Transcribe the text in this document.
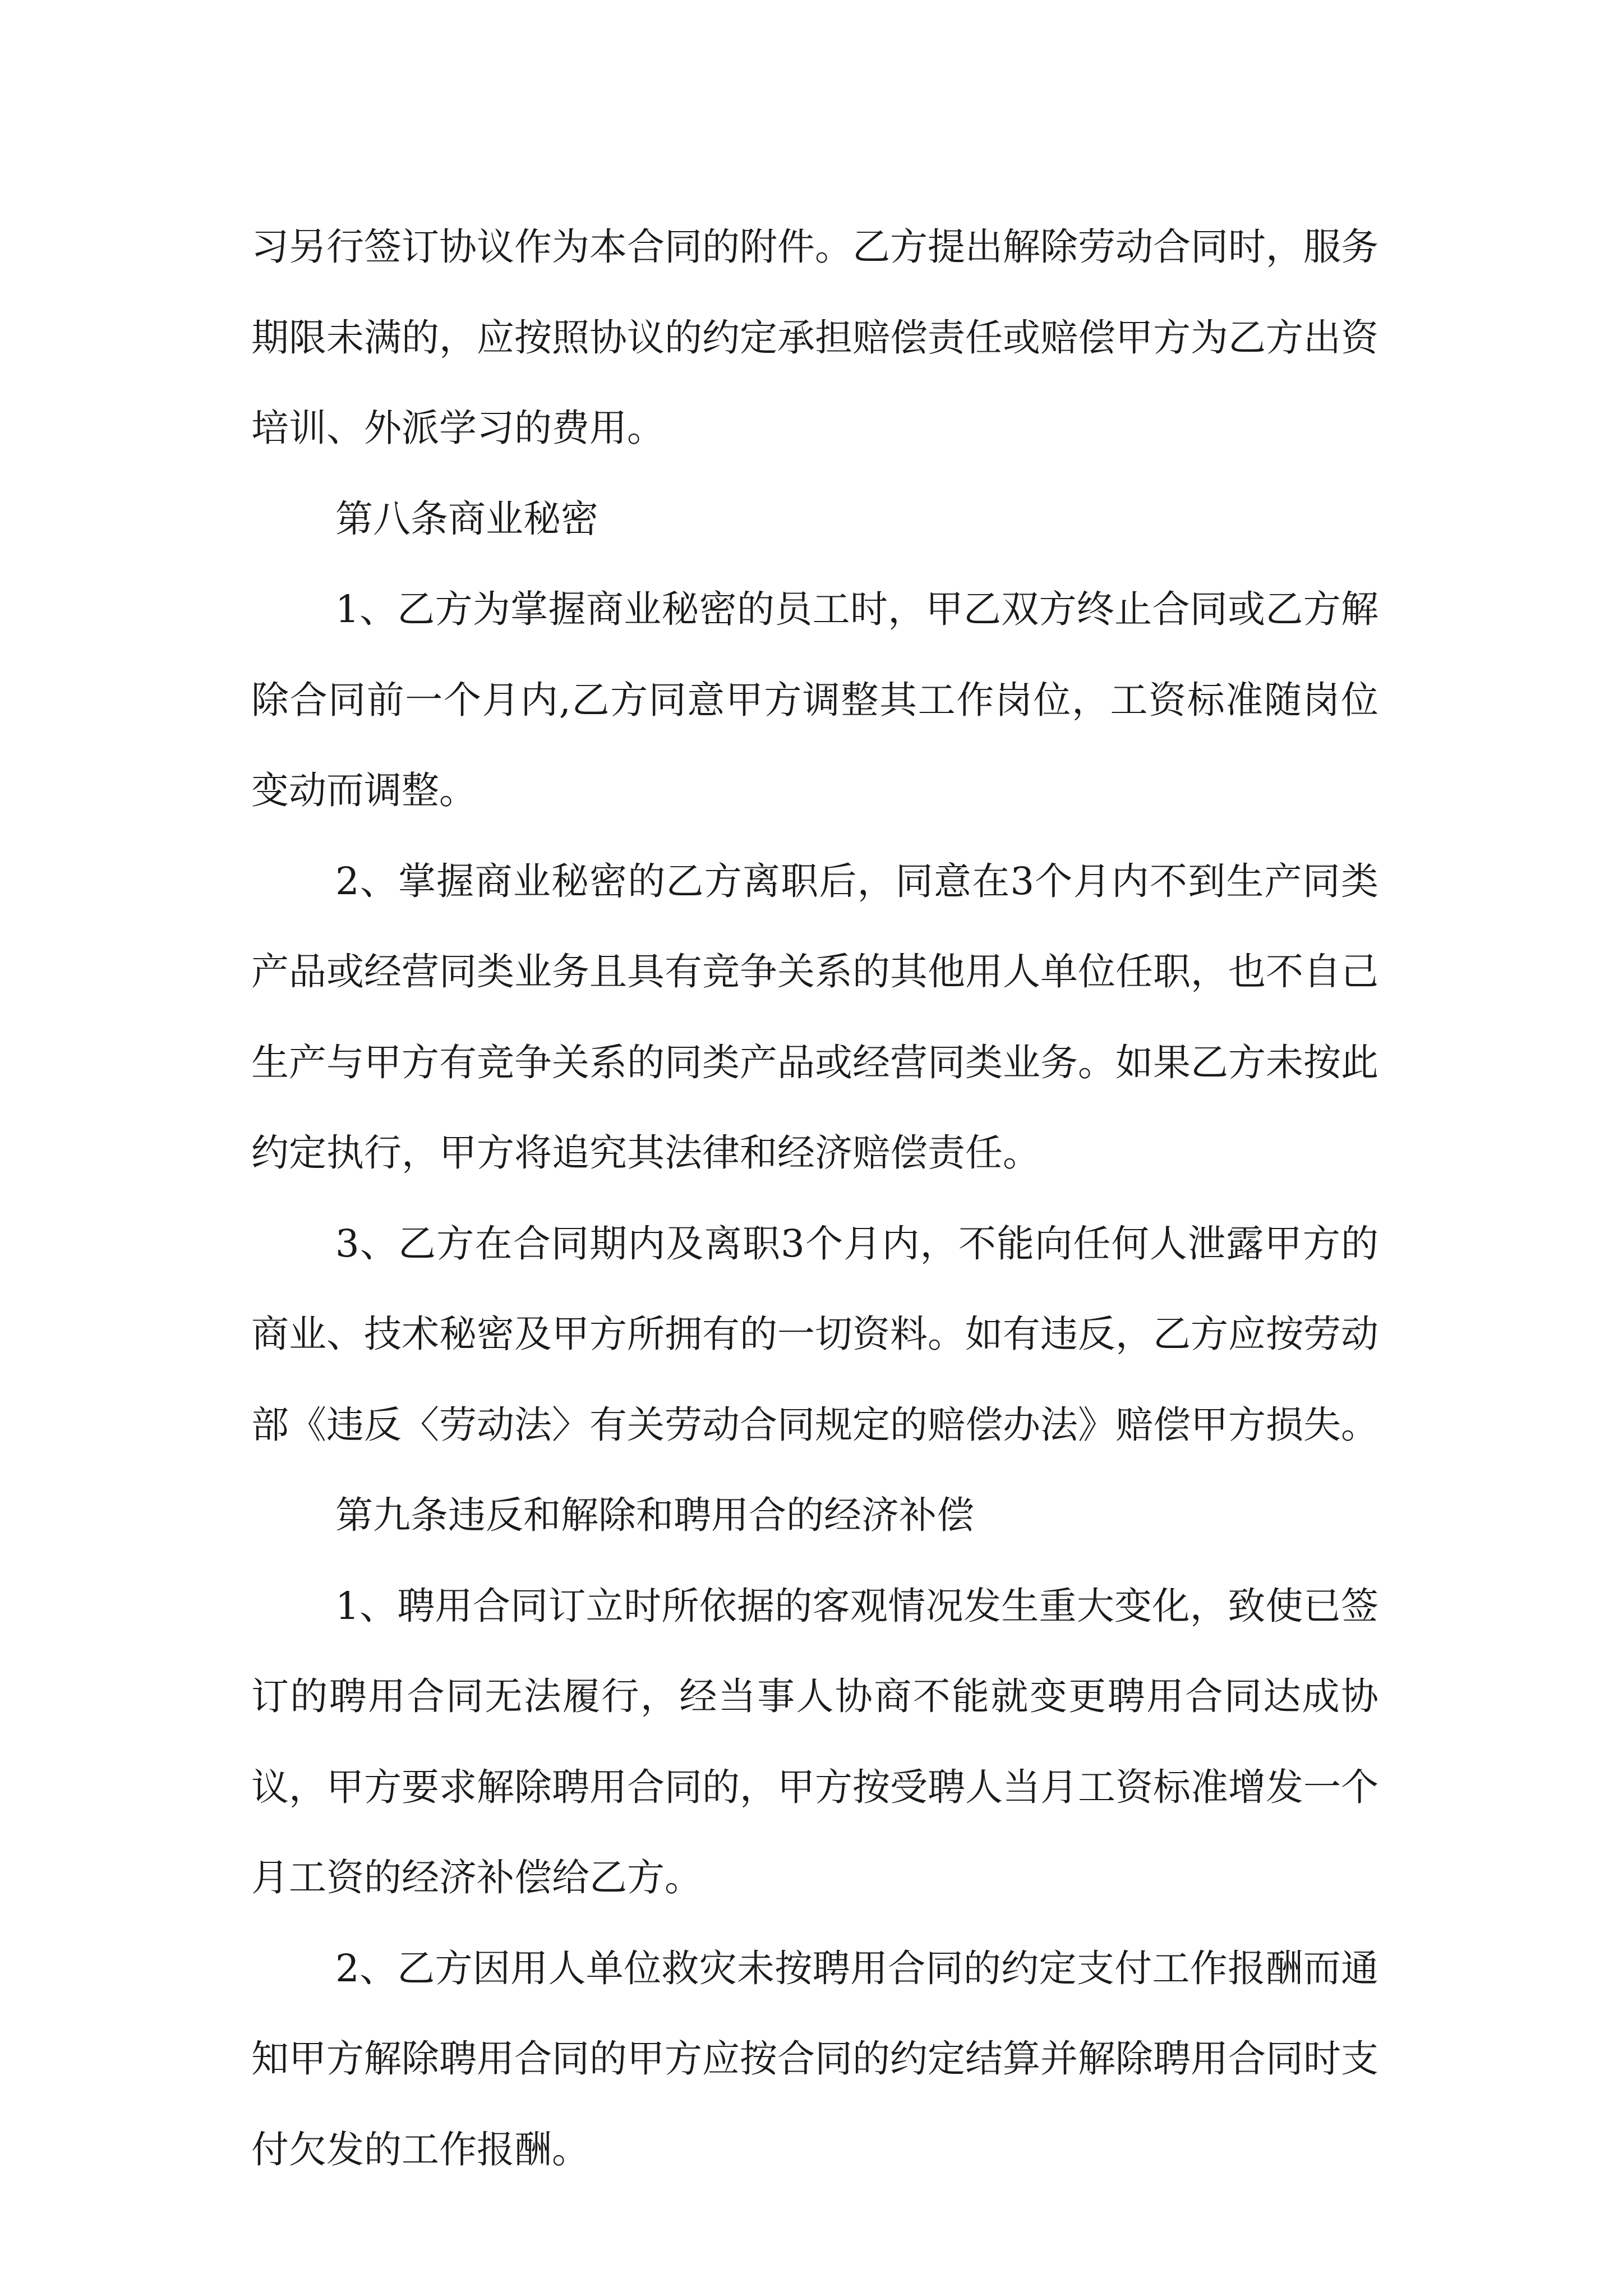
习另行签订协议作为本合同的附件。乙方提出解除劳动合同时，服务期限未满的，应按照协议的约定承担赔偿责任或赔偿甲方为乙方出资培训、外派学习的费用。

第八条商业秘密

1、乙方为掌握商业秘密的员工时，甲乙双方终止合同或乙方解除合同前一个月内,乙方同意甲方调整其工作岗位，工资标准随岗位变动而调整。

2、掌握商业秘密的乙方离职后，同意在3个月内不到生产同类产品或经营同类业务且具有竞争关系的其他用人单位任职，也不自己生产与甲方有竞争关系的同类产品或经营同类业务。如果乙方未按此约定执行，甲方将追究其法律和经济赔偿责任。

3、乙方在合同期内及离职3个月内，不能向任何人泄露甲方的商业、技术秘密及甲方所拥有的一切资料。如有违反，乙方应按劳动部《违反〈劳动法〉有关劳动合同规定的赔偿办法》赔偿甲方损失。

第九条违反和解除和聘用合的经济补偿

1、聘用合同订立时所依据的客观情况发生重大变化，致使已签订的聘用合同无法履行，经当事人协商不能就变更聘用合同达成协议，甲方要求解除聘用合同的，甲方按受聘人当月工资标准增发一个月工资的经济补偿给乙方。

2、乙方因用人单位救灾未按聘用合同的约定支付工作报酬而通知甲方解除聘用合同的甲方应按合同的约定结算并解除聘用合同时支付欠发的工作报酬。
